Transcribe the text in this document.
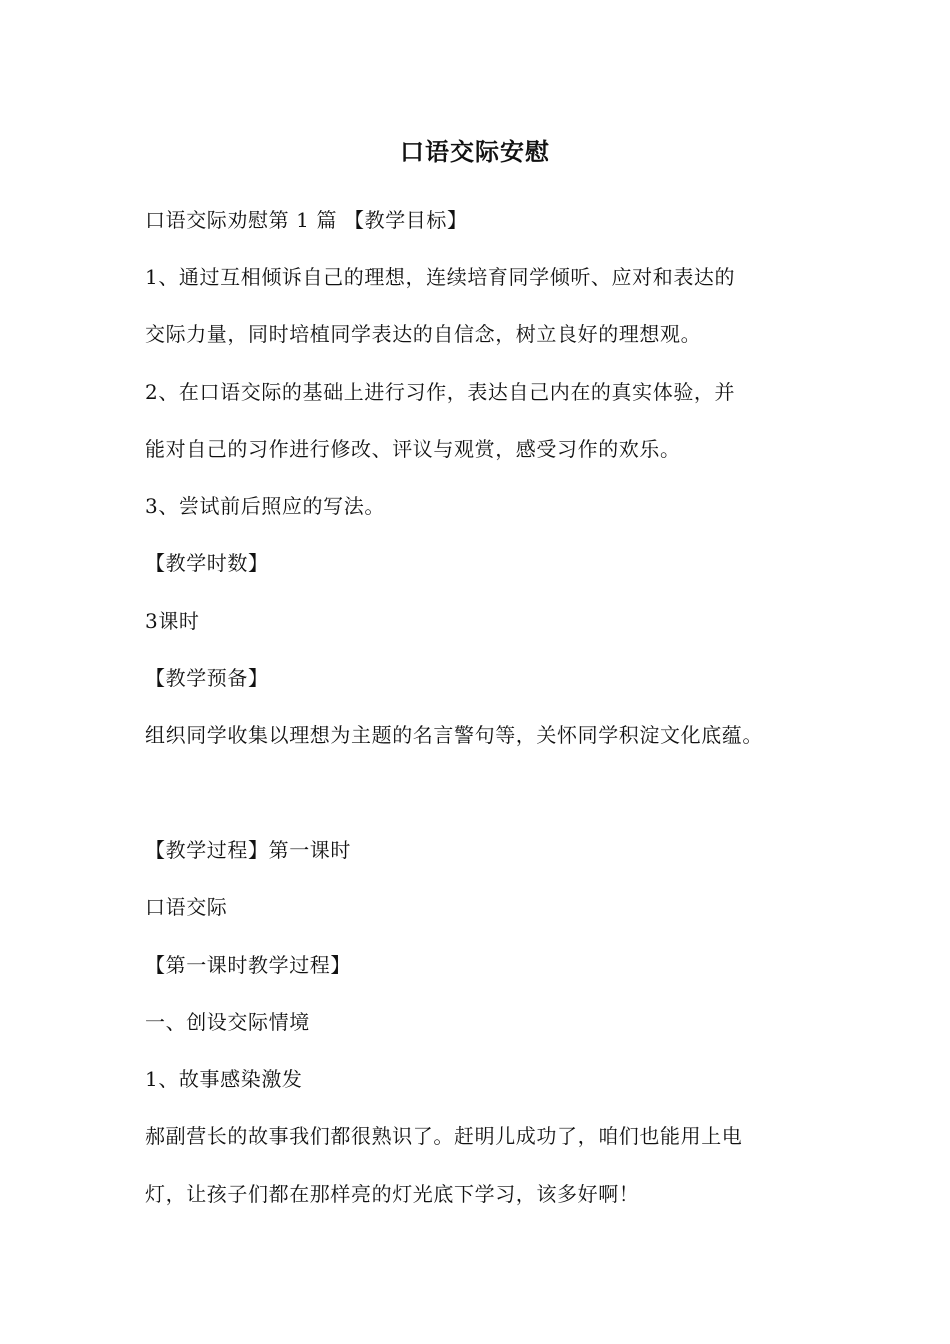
口语交际安慰
口语交际劝慰第 1 篇 【教学目标】
1、通过互相倾诉自己的理想，连续培育同学倾听、应对和表达的
交际力量，同时培植同学表达的自信念，树立良好的理想观。
2、在口语交际的基础上进行习作，表达自己内在的真实体验，并
能对自己的习作进行修改、评议与观赏，感受习作的欢乐。
3、尝试前后照应的写法。
【教学时数】
3课时
【教学预备】
组织同学收集以理想为主题的名言警句等，关怀同学积淀文化底蕴。
【教学过程】第一课时
口语交际
【第一课时教学过程】
一、创设交际情境
1、故事感染激发
郝副营长的故事我们都很熟识了。赶明儿成功了，咱们也能用上电
灯，让孩子们都在那样亮的灯光底下学习，该多好啊！
